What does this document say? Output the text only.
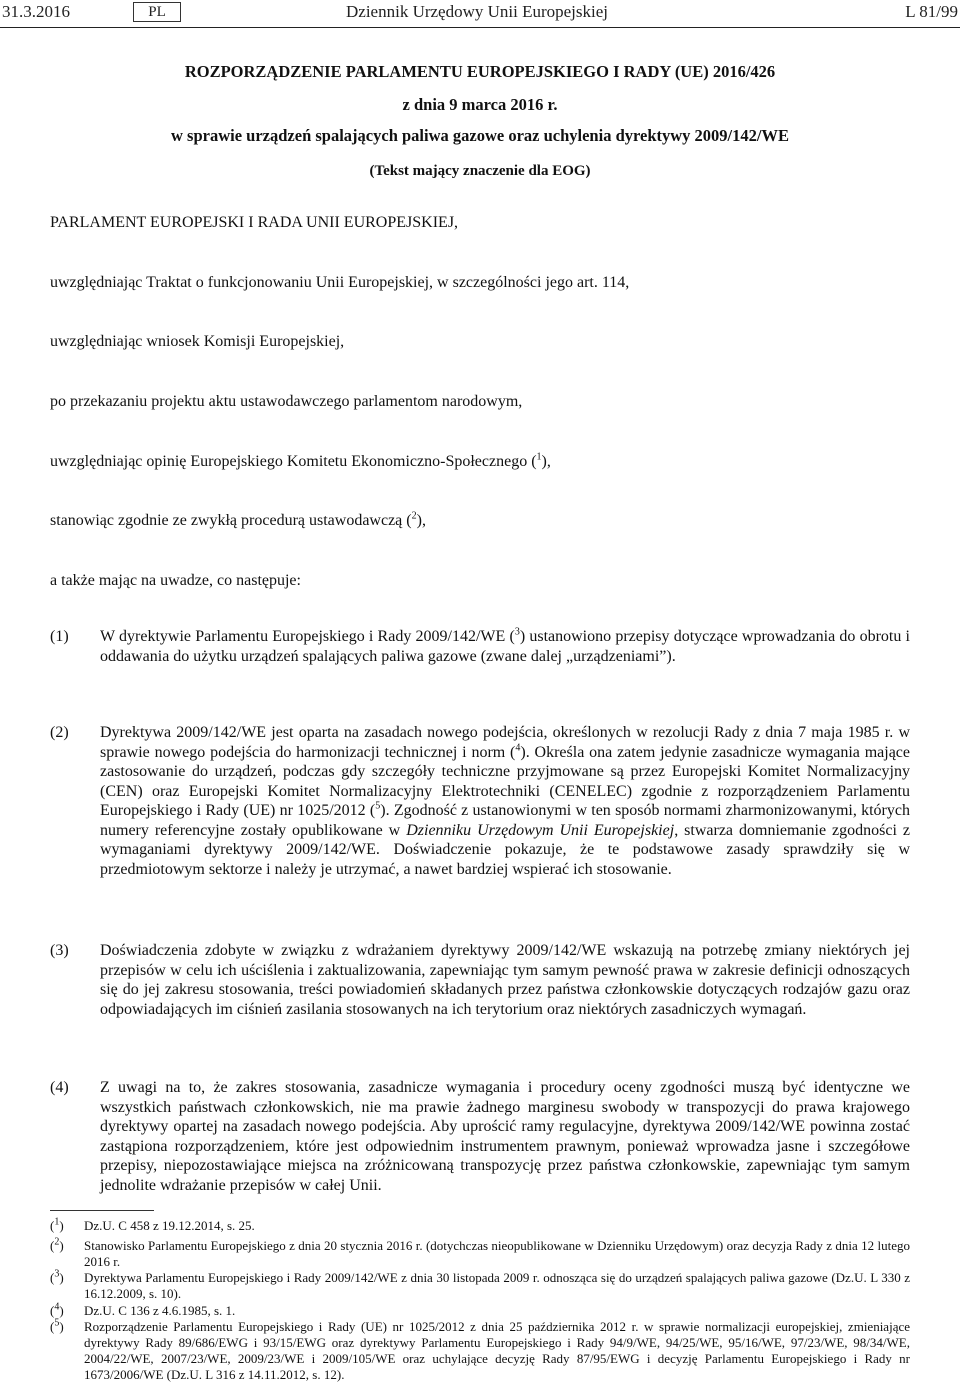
31.3.2016	PL	Dziennik Urzędowy Unii Europejskiej	L 81/99
ROZPORZĄDZENIE PARLAMENTU EUROPEJSKIEGO I RADY (UE) 2016/426
z dnia 9 marca 2016 r.
w sprawie urządzeń spalających paliwa gazowe oraz uchylenia dyrektywy 2009/142/WE
(Tekst mający znaczenie dla EOG)
PARLAMENT EUROPEJSKI I RADA UNII EUROPEJSKIEJ,
uwzględniając Traktat o funkcjonowaniu Unii Europejskiej, w szczególności jego art. 114,
uwzględniając wniosek Komisji Europejskiej,
po przekazaniu projektu aktu ustawodawczego parlamentom narodowym,
uwzględniając opinię Europejskiego Komitetu Ekonomiczno-Społecznego ($^1$),
stanowiąc zgodnie ze zwykłą procedurą ustawodawczą ($^2$),
a także mając na uwadze, co następuje:
(1) W dyrektywie Parlamentu Europejskiego i Rady 2009/142/WE ($^3$) ustanowiono przepisy dotyczące wprowadzania do obrotu i oddawania do użytku urządzeń spalających paliwa gazowe (zwane dalej „urządzeniami”).
(2) Dyrektywa 2009/142/WE jest oparta na zasadach nowego podejścia, określonych w rezolucji Rady z dnia 7 maja 1985 r. w sprawie nowego podejścia do harmonizacji technicznej i norm ($^4$). Określa ona zatem jedynie zasadnicze wymagania mające zastosowanie do urządzeń, podczas gdy szczegóły techniczne przyjmowane są przez Europejski Komitet Normalizacyjny (CEN) oraz Europejski Komitet Normalizacyjny Elektrotechniki (CENELEC) zgodnie z rozporządzeniem Parlamentu Europejskiego i Rady (UE) nr 1025/2012 ($^5$). Zgodność z ustanowionymi w ten sposób normami zharmonizowanymi, których numery referencyjne zostały opublikowane w Dzienniku Urzędowym Unii Europejskiej, stwarza domniemanie zgodności z wymaganiami dyrektywy 2009/142/WE. Doświadczenie pokazuje, że te podstawowe zasady sprawdziły się w przedmiotowym sektorze i należy je utrzymać, a nawet bardziej wspierać ich stosowanie.
(3) Doświadczenia zdobyte w związku z wdrażaniem dyrektywy 2009/142/WE wskazują na potrzebę zmiany niektórych jej przepisów w celu ich uściślenia i zaktualizowania, zapewniając tym samym pewność prawa w zakresie definicji odnoszących się do jej zakresu stosowania, treści powiadomień składanych przez państwa członkowskie dotyczących rodzajów gazu oraz odpowiadających im ciśnień zasilania stosowanych na ich terytorium oraz niektórych zasadniczych wymagań.
(4) Z uwagi na to, że zakres stosowania, zasadnicze wymagania i procedury oceny zgodności muszą być identyczne we wszystkich państwach członkowskich, nie ma prawie żadnego marginesu swobody w transpozycji do prawa krajowego dyrektywy opartej na zasadach nowego podejścia. Aby uprościć ramy regulacyjne, dyrektywa 2009/142/WE powinna zostać zastąpiona rozporządzeniem, które jest odpowiednim instrumentem prawnym, ponieważ wprowadza jasne i szczegółowe przepisy, niepozostawiające miejsca na zróżnicowaną transpozycję przez państwa członkowskie, zapewniając tym samym jednolite wdrażanie przepisów w całej Unii.
($^1$) Dz.U. C 458 z 19.12.2014, s. 25.
($^2$) Stanowisko Parlamentu Europejskiego z dnia 20 stycznia 2016 r. (dotychczas nieopublikowane w Dzienniku Urzędowym) oraz decyzja Rady z dnia 12 lutego 2016 r.
($^3$) Dyrektywa Parlamentu Europejskiego i Rady 2009/142/WE z dnia 30 listopada 2009 r. odnosząca się do urządzeń spalających paliwa gazowe (Dz.U. L 330 z 16.12.2009, s. 10).
($^4$) Dz.U. C 136 z 4.6.1985, s. 1.
($^5$) Rozporządzenie Parlamentu Europejskiego i Rady (UE) nr 1025/2012 z dnia 25 października 2012 r. w sprawie normalizacji europejskiej, zmieniające dyrektywy Rady 89/686/EWG i 93/15/EWG oraz dyrektywy Parlamentu Europejskiego i Rady 94/9/WE, 94/25/WE, 95/16/WE, 97/23/WE, 98/34/WE, 2004/22/WE, 2007/23/WE, 2009/23/WE i 2009/105/WE oraz uchylające decyzję Rady 87/95/EWG i decyzję Parlamentu Europejskiego i Rady nr 1673/2006/WE (Dz.U. L 316 z 14.11.2012, s. 12).
